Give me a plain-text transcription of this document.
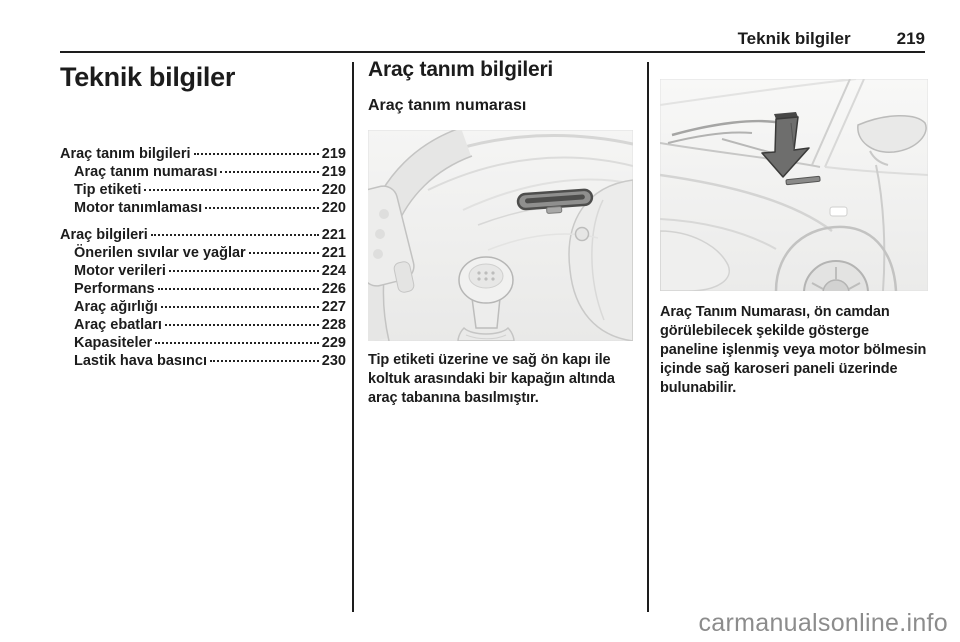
Teknik bilgiler	219
Teknik bilgiler
Araç tanım bilgileri	219
Araç tanım numarası	219
Tip etiketi	220
Motor tanımlaması	220
Araç bilgileri	221
Önerilen sıvılar ve yağlar	221
Motor verileri	224
Performans	226
Araç ağırlığı	227
Araç ebatları	228
Kapasiteler	229
Lastik hava basıncı	230
Araç tanım bilgileri
Araç tanım numarası
Tip etiketi üzerine ve sağ ön kapı ile koltuk arasındaki bir kapağın altında araç tabanına basılmıştır.
Araç Tanım Numarası, ön camdan görülebilecek şekilde gösterge paneline işlenmiş veya motor bölmesin içinde sağ karoseri paneli üzerinde bulunabilir.
carmanualsonline.info
